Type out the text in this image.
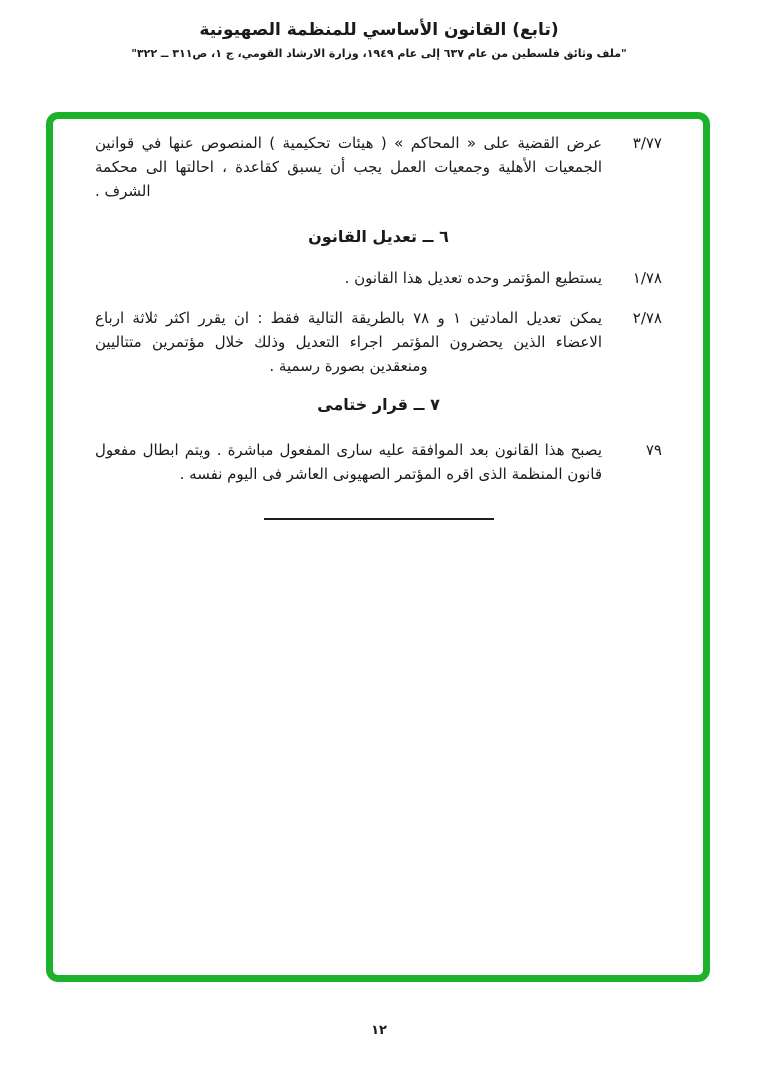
(تابع) القانون الأساسي للمنظمة الصهيونية
"ملف وثائق فلسطين من عام ٦٣٧ إلى عام ١٩٤٩، وزارة الارشاد القومي، ج ١، ص٣١١ ــ ٣٢٢"

٣/٧٧
عرض القضية على « المحاكم » ( هيئات تحكيمية ) المنصوص عنها في قوانين الجمعيات الأهلية وجمعيات العمل يجب أن يسبق كقاعدة ، احالتها الى محكمة الشرف .

٦ ــ تعديل القانون

١/٧٨
يستطيع المؤتمر وحده تعديل هذا القانون .

٢/٧٨
يمكن تعديل المادتين ١ و ٧٨ بالطريقة التالية فقط : ان يقرر اكثر ثلاثة ارباع الاعضاء الذين يحضرون المؤتمر اجراء التعديل وذلك خلال مؤتمرين متتاليين ومنعقدين بصورة رسمية .

٧ ــ قرار ختامى

٧٩
يصبح هذا القانون بعد الموافقة عليه سارى المفعول مباشرة . ويتم ابطال مفعول قانون المنظمة الذى اقره المؤتمر الصهيونى العاشر فى اليوم نفسه .

١٢
